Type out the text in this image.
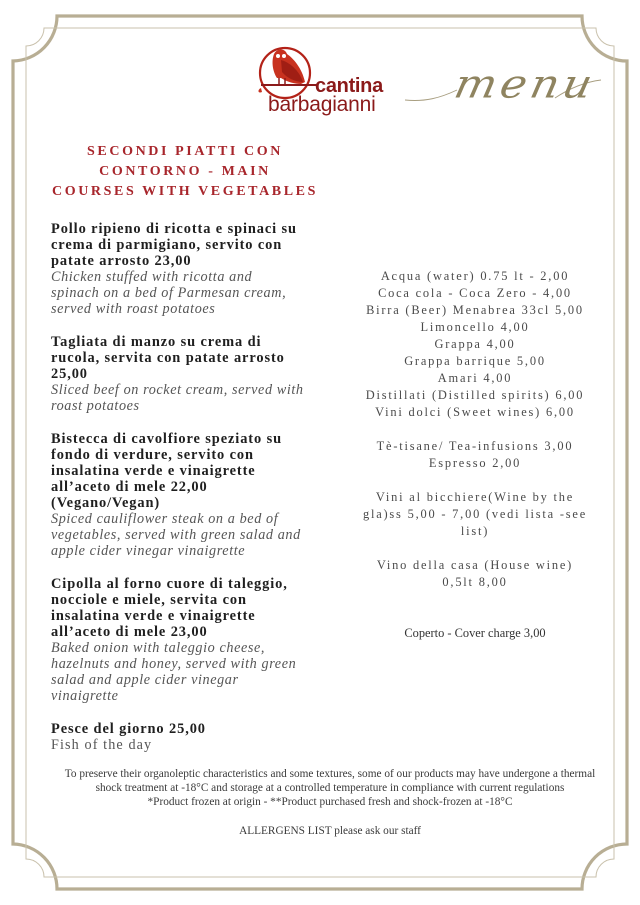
cantina
barbagianni menu
SECONDI PIATTI CON
CONTORNO - MAIN
COURSES WITH VEGETABLES
Pollo ripieno di ricotta e spinaci su
crema di parmigiano, servito con
patate arrosto 23,00
Chicken stuffed with ricotta and
spinach on a bed of Parmesan cream,
served with roast potatoes
Tagliata di manzo su crema di
rucola, servita con patate arrosto
25,00
Sliced beef on rocket cream, served with
roast potatoes
Bistecca di cavolfiore speziato su
fondo di verdure, servito con
insalatina verde e vinaigrette
all’aceto di mele 22,00
(Vegano/Vegan)
Spiced cauliflower steak on a bed of
vegetables, served with green salad and
apple cider vinegar vinaigrette
Cipolla al forno cuore di taleggio,
nocciole e miele, servita con
insalatina verde e vinaigrette
all’aceto di mele 23,00
Baked onion with taleggio cheese,
hazelnuts and honey, served with green
salad and apple cider vinegar
vinaigrette
Pesce del giorno 25,00
Fish of the day
Acqua (water) 0.75 lt - 2,00
Coca cola - Coca Zero - 4,00
Birra (Beer) Menabrea 33cl 5,00
Limoncello 4,00
Grappa 4,00
Grappa barrique 5,00
Amari 4,00
Distillati (Distilled spirits) 6,00
Vini dolci (Sweet wines) 6,00
Tè-tisane/ Tea-infusions 3,00
Espresso 2,00
Vini al bicchiere(Wine by the
gla)ss 5,00 - 7,00 (vedi lista -see
list)
Vino della casa (House wine)
0,5lt 8,00
Coperto - Cover charge 3,00
To preserve their organoleptic characteristics and some textures, some of our products may have undergone a thermal
shock treatment at -18°C and storage at a controlled temperature in compliance with current regulations
*Product frozen at origin - **Product purchased fresh and shock-frozen at -18°C
ALLERGENS LIST please ask our staff
